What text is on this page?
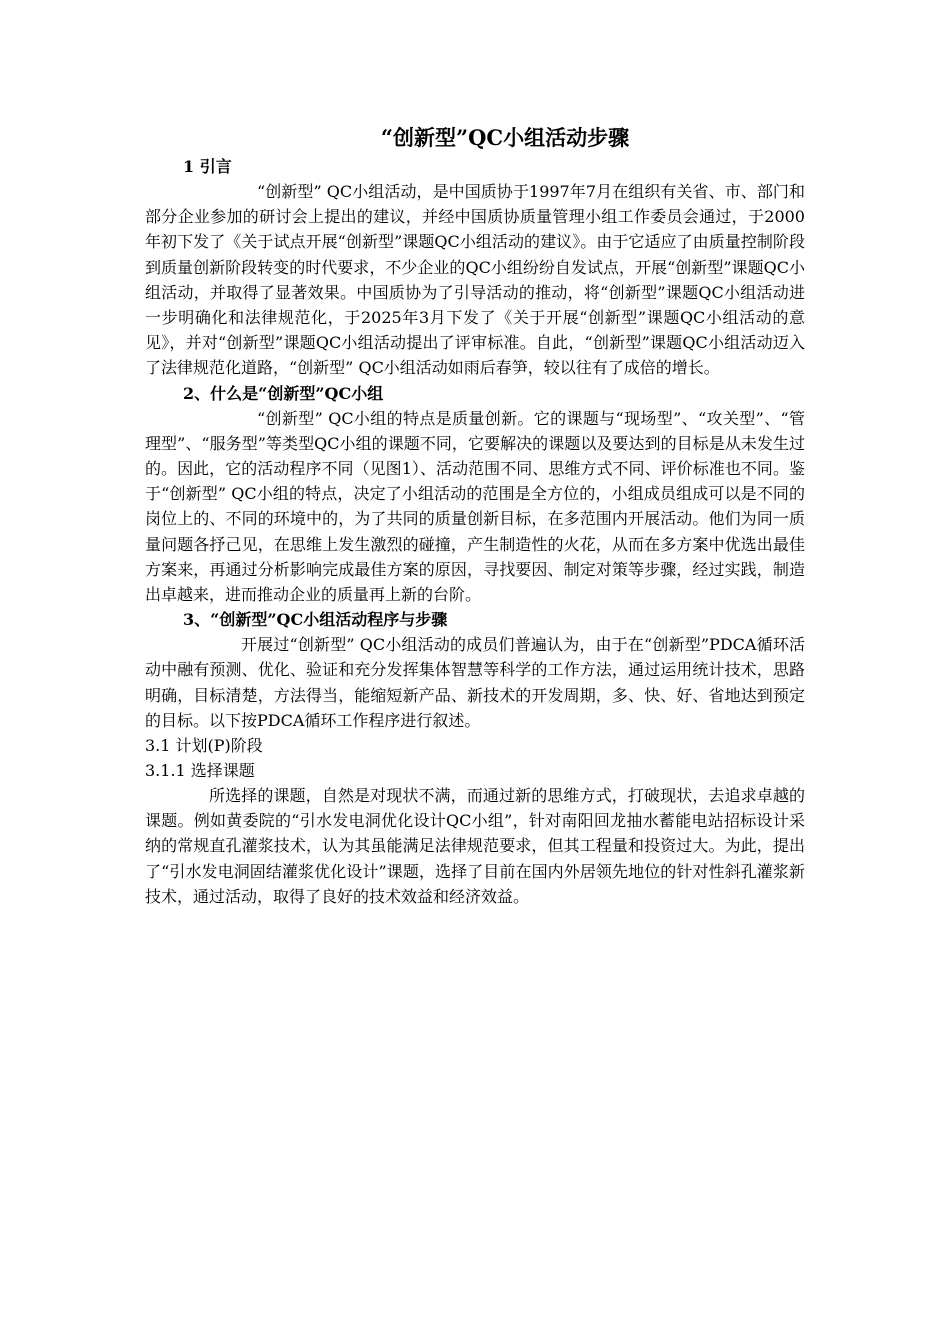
“创新型”QC小组活动步骤
1 引言

“创新型” QC小组活动，是中国质协于1997年7月在组织有关省、市、部门和部分企业参加的研讨会上提出的建议，并经中国质协质量管理小组工作委员会通过，于2000年初下发了《关于试点开展“创新型”课题QC小组活动的建议》。由于它适应了由质量控制阶段到质量创新阶段转变的时代要求，不少企业的QC小组纷纷自发试点，开展“创新型”课题QC小组活动，并取得了显著效果。中国质协为了引导活动的推动，将“创新型”课题QC小组活动进一步明确化和法律规范化，于2025年3月下发了《关于开展“创新型”课题QC小组活动的意见》，并对“创新型”课题QC小组活动提出了评审标准。自此，“创新型”课题QC小组活动迈入了法律规范化道路，“创新型” QC小组活动如雨后春笋，较以往有了成倍的增长。

2、什么是“创新型”QC小组

“创新型” QC小组的特点是质量创新。它的课题与“现场型”、“攻关型”、“管理型”、“服务型”等类型QC小组的课题不同，它要解决的课题以及要达到的目标是从未发生过的。因此，它的活动程序不同（见图1）、活动范围不同、思维方式不同、评价标准也不同。鉴于“创新型” QC小组的特点，决定了小组活动的范围是全方位的，小组成员组成可以是不同的岗位上的、不同的环境中的，为了共同的质量创新目标，在多范围内开展活动。他们为同一质量问题各抒己见，在思维上发生激烈的碰撞，产生制造性的火花，从而在多方案中优选出最佳方案来，再通过分析影响完成最佳方案的原因，寻找要因、制定对策等步骤，经过实践，制造出卓越来，进而推动企业的质量再上新的台阶。

3、“创新型”QC小组活动程序与步骤

开展过“创新型” QC小组活动的成员们普遍认为，由于在“创新型”PDCA循环活动中融有预测、优化、验证和充分发挥集体智慧等科学的工作方法，通过运用统计技术，思路明确，目标清楚，方法得当，能缩短新产品、新技术的开发周期，多、快、好、省地达到预定的目标。以下按PDCA循环工作程序进行叙述。

3.1 计划(P)阶段
3.1.1 选择课题

所选择的课题，自然是对现状不满，而通过新的思维方式，打破现状，去追求卓越的课题。例如黄委院的“引水发电洞优化设计QC小组”，针对南阳回龙抽水蓄能电站招标设计采纳的常规直孔灌浆技术，认为其虽能满足法律规范要求，但其工程量和投资过大。为此，提出了“引水发电洞固结灌浆优化设计”课题，选择了目前在国内外居领先地位的针对性斜孔灌浆新技术，通过活动，取得了良好的技术效益和经济效益。
